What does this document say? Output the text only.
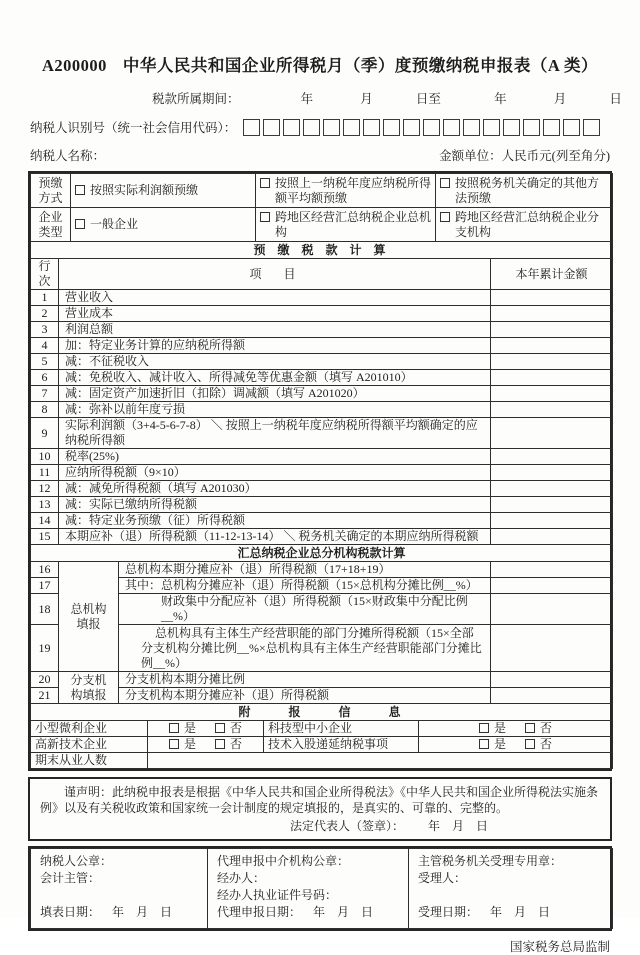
A200000 中华人民共和国企业所得税月（季）度预缴纳税申报表（A 类）
税款所属期间：	年	月	日至	年	月	日
纳税人识别号（统一社会信用代码）：
纳税人名称：	金额单位：人民币元(列至角分)
预缴方式	按照实际利润额预缴	按照上一纳税年度应纳税所得额平均额预缴	按照税务机关确定的其他方法预缴

企业类型	一般企业	跨地区经营汇总纳税企业总机构	跨地区经营汇总纳税企业分支机构
预缴税款计算		
行次	项目	本年累计金额
1	营业收入	
2	营业成本	
3	利润总额	
4	加：特定业务计算的应纳税所得额	
5	减：不征税收入	
6	减：免税收入、减计收入、所得减免等优惠金额（填写 A201010）	
7	减：固定资产加速折旧（扣除）调减额（填写 A201020）	
8	减：弥补以前年度亏损	
9	实际利润额（3+4-5-6-7-8） ＼ 按照上一纳税年度应纳税所得额平均额确定的应纳税所得额	
10	税率(25%)	
11	应纳所得税额（9×10）	
12	减：减免所得税额（填写 A201030）	
13	减：实际已缴纳所得税额	
14	减：特定业务预缴（征）所得税额	
15	本期应补（退）所得税额（11-12-13-14） ＼ 税务机关确定的本期应纳所得税额	
汇总纳税企业总分机构税款计算			
16	总机构填报	总机构本期分摊应补（退）所得税额（17+18+19）	
17		其中：总机构分摊应补（退）所得税额（15×总机构分摊比例__%）	
18		财政集中分配应补（退）所得税额（15×财政集中分配比例__%）	
19		总机构具有主体生产经营职能的部门分摊所得税额（15×全部分支机构分摊比例__%×总机构具有主体生产经营职能部门分摊比例__%）	
20	分支机构填报	分支机构本期分摊比例	
21		分支机构本期分摊应补（退）所得税额	
附报信息			
小型微利企业	是 否	科技型中小企业	是 否
高新技术企业	是 否	技术入股递延纳税事项	是 否
期末从业人数			
谨声明：此纳税申报表是根据《中华人民共和国企业所得税法》《中华人民共和国企业所得税法实施条例》以及有关税收政策和国家统一会计制度的规定填报的，是真实的、可靠的、完整的。
法定代表人（签章）： 年　月　日
纳税人公章：
会计主管：
填表日期： 年　月　日

代理申报中介机构公章：
经办人：
经办人执业证件号码：
代理申报日期： 年　月　日

主管税务机关受理专用章：
受理人：
受理日期： 年　月　日
国家税务总局监制
